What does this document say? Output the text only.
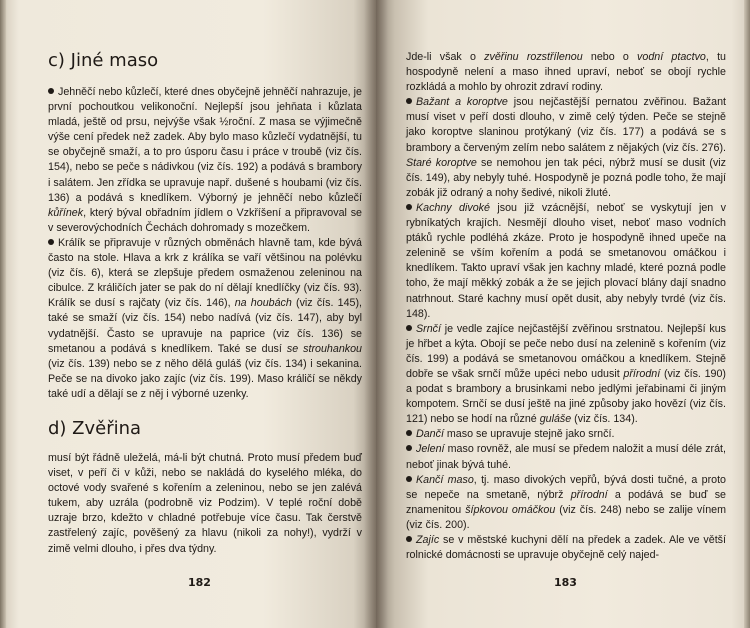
c) Jiné maso

Jehněčí nebo kůzlečí, které dnes obyčejně jehněčí nahrazuje, je první pochoutkou velikonoční. Nejlepší jsou jehňata i kůzlata mladá, ještě od prsu, nejvýše však ½roční. Z masa se výjimečně výše cení předek než zadek. Aby bylo maso kůzlečí vydatnější, tu se obyčejně smaží, a to pro úsporu času i práce v troubě (viz čís. 154), nebo se peče s nádivkou (viz čís. 192) a podává s brambory i salátem. Jen zřídka se upravuje např. dušené s houbami (viz čís. 136) a podává s knedlíkem. Výborný je jehněčí nebo kůzlečí kůřínek, který býval obřadním jídlem o Vzkříšení a připravoval se v severovýchodních Čechách dohromady s mozečkem.

Králík se připravuje v různých obměnách hlavně tam, kde bývá často na stole. Hlava a krk z králíka se vaří většinou na polévku (viz čís. 6), která se zlepšuje předem osmaženou zeleninou na cibulce. Z králičích jater se pak do ní dělají knedlíčky (viz čís. 93). Králík se dusí s rajčaty (viz čís. 146), na houbách (viz čís. 145), také se smaží (viz čís. 154) nebo nadívá (viz čís. 147), aby byl vydatnější. Často se upravuje na paprice (viz čís. 136) se smetanou a podává s knedlíkem. Také se dusí se strouhankou (viz čís. 139) nebo se z něho dělá guláš (viz čís. 134) i sekanina. Peče se na divoko jako zajíc (viz čís. 199). Maso králičí se někdy také udí a dělají se z něj i výborné uzenky.

d) Zvěřina

musí být řádně uleželá, má-li být chutná. Proto musí předem buď viset, v peří či v kůži, nebo se nakládá do kyselého mléka, do octové vody svařené s kořením a zeleninou, nebo se jen zalévá tukem, aby uzrála (podrobně viz Podzim). V teplé roční době uzraje brzo, kdežto v chladné potřebuje více času. Tak čerstvě zastřelený zajíc, pověšený za hlavu (nikoli za nohy!), vydrží v zimě velmi dlouho, i přes dva týdny.

182

Jde-li však o zvěřinu rozstřílenou nebo o vodní ptactvo, tu hospodyně nelení a maso ihned upraví, neboť se obojí rychle rozkládá a mohlo by ohrozit zdraví rodiny.

Bažant a koroptve jsou nejčastější pernatou zvěřinou. Bažant musí viset v peří dosti dlouho, v zimě celý týden. Peče se stejně jako koroptve slaninou protýkaný (viz čís. 177) a podává se s brambory a červeným zelím nebo salátem z nějakých (viz čís. 276). Staré koroptve se nemohou jen tak péci, nýbrž musí se dusit (viz čís. 149), aby nebyly tuhé. Hospodyně je pozná podle toho, že mají zobák již odraný a nohy šedivé, nikoli žluté.

Kachny divoké jsou již vzácnější, neboť se vyskytují jen v rybníkatých krajích. Nesmějí dlouho viset, neboť maso vodních ptáků rychle podléhá zkáze. Proto je hospodyně ihned upeče na zelenině se vším kořením a podá se smetanovou omáčkou i knedlíkem. Takto upraví však jen kachny mladé, které pozná podle toho, že mají měkký zobák a že se jejich plovací blány dají snadno natrhnout. Staré kachny musí opět dusit, aby nebyly tvrdé (viz čís. 148).

Srnčí je vedle zajíce nejčastější zvěřinou srstnatou. Nejlepší kus je hřbet a kýta. Obojí se peče nebo dusí na zelenině s kořením (viz čís. 199) a podává se smetanovou omáčkou a knedlíkem. Stejně dobře se však srnčí může upéci nebo udusit přírodní (viz čís. 190) a podat s brambory a brusinkami nebo jedlými jeřabinami či jiným kompotem. Srnčí se dusí ještě na jiné způsoby jako hovězí (viz čís. 121) nebo se hodí na různé guláše (viz čís. 134).

Dančí maso se upravuje stejně jako srnčí.

Jelení maso rovněž, ale musí se předem naložit a musí déle zrát, neboť jinak bývá tuhé.

Kančí maso, tj. maso divokých vepřů, bývá dosti tučné, a proto se nepeče na smetaně, nýbrž přírodní a podává se buď se znamenitou šípkovou omáčkou (viz čís. 248) nebo se zalije vínem (viz čís. 200).

Zajíc se v městské kuchyni dělí na předek a zadek. Ale ve větší rolnické domácnosti se upravuje obyčejně celý najed-

183
